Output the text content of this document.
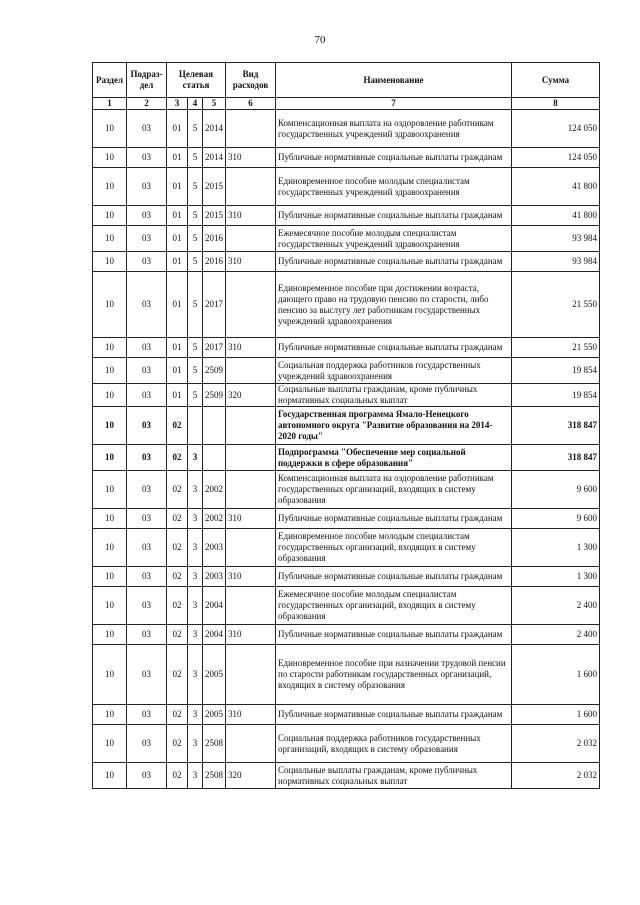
70
Раздел	Подраз-дел	Целевая статья			Вид расходов	Наименование	Сумма
1	2	3	4	5	6	7	8
10	03	01	5	2014		Компенсационная выплата на оздоровление работникам государственных учреждений здравоохранения	124 050
10	03	01	5	2014	310	Публичные нормативные социальные выплаты гражданам	124 050
10	03	01	5	2015		Единовременное пособие молодым специалистам государственных учреждений здравоохранения	41 800
10	03	01	5	2015	310	Публичные нормативные социальные выплаты гражданам	41 800
10	03	01	5	2016		Ежемесячное пособие молодым специалистам государственных учреждений здравоохранения	93 984
10	03	01	5	2016	310	Публичные нормативные социальные выплаты гражданам	93 984
10	03	01	5	2017		Единовременное пособие при достижении возраста, дающего право на трудовую пенсию по старости, либо пенсию за выслугу лет работникам государственных учреждений здравоохранения	21 550
10	03	01	5	2017	310	Публичные нормативные социальные выплаты гражданам	21 550
10	03	01	5	2509		Социальная поддержка работников государственных учреждений здравоохранения	19 854
10	03	01	5	2509	320	Социальные выплаты гражданам, кроме публичных нормативных социальных выплат	19 854
10	03	02				Государственная программа Ямало-Ненецкого автономного округа "Развитие образования на 2014-2020 годы"	318 847
10	03	02	3			Подпрограмма "Обеспечение мер социальной поддержки в сфере образования"	318 847
10	03	02	3	2002		Компенсационная выплата на оздоровление работникам государственных организаций, входящих в систему образования	9 600
10	03	02	3	2002	310	Публичные нормативные социальные выплаты гражданам	9 600
10	03	02	3	2003		Единовременное пособие молодым специалистам государственных организаций, входящих в систему образования	1 300
10	03	02	3	2003	310	Публичные нормативные социальные выплаты гражданам	1 300
10	03	02	3	2004		Ежемесячное пособие молодым специалистам государственных организаций, входящих в систему образования	2 400
10	03	02	3	2004	310	Публичные нормативные социальные выплаты гражданам	2 400
10	03	02	3	2005		Единовременное пособие при назначении трудовой пенсии по старости работникам государственных организаций, входящих в систему образования	1 600
10	03	02	3	2005	310	Публичные нормативные социальные выплаты гражданам	1 600
10	03	02	3	2508		Социальная поддержка работников государственных организаций, входящих в систему образования	2 032
10	03	02	3	2508	320	Социальные выплаты гражданам, кроме публичных нормативных социальных выплат	2 032
